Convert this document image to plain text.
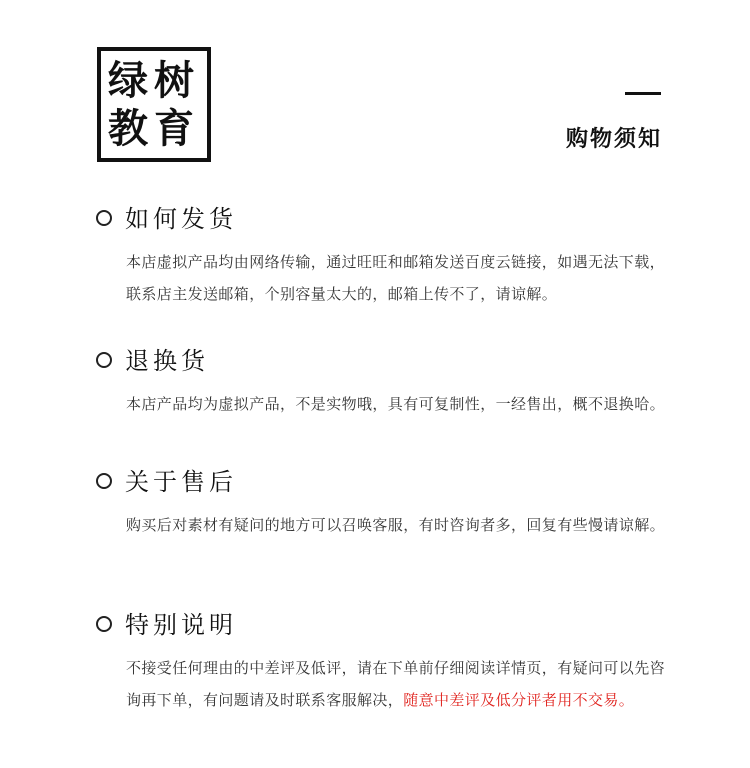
绿树
教育	购物须知
如何发货

本店虚拟产品均由网络传输，通过旺旺和邮箱发送百度云链接，如遇无法下载，

联系店主发送邮箱，个别容量太大的，邮箱上传不了，请谅解。

退换货

本店产品均为虚拟产品，不是实物哦，具有可复制性，一经售出，概不退换哈。

关于售后

购买后对素材有疑问的地方可以召唤客服，有时咨询者多，回复有些慢请谅解。

特别说明

不接受任何理由的中差评及低评，请在下单前仔细阅读详情页，有疑问可以先咨

询再下单，有问题请及时联系客服解决，随意中差评及低分评者用不交易。
